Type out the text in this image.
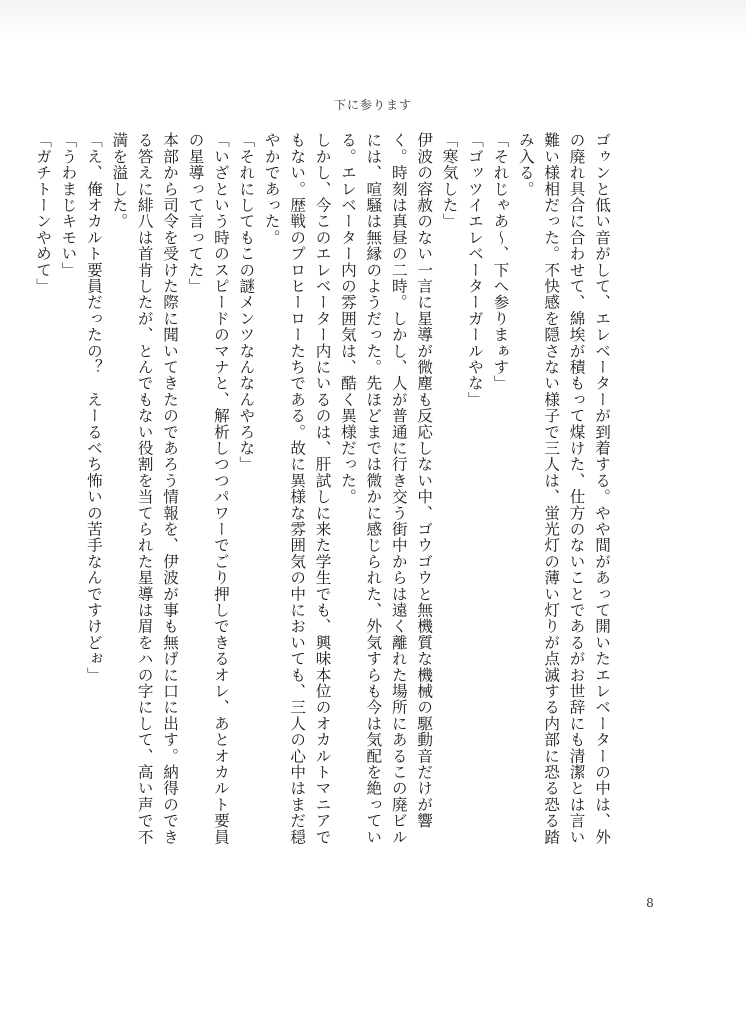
下に参ります

ゴゥンと低い音がして、エレベーターが到着する。やや間があって開いたエレベーターの中は、外の廃れ具合に合わせて、綿埃が積もって煤けた、仕方のないことであるがお世辞にも清潔とは言い難い様相だった。不快感を隠さない様子で三人は、蛍光灯の薄い灯りが点滅する内部に恐る恐る踏み入る。

「それじゃあ〜、下へ参りまぁす」

「ゴッツイエレベーターガールやな」

「寒気した」

伊波の容赦のない一言に星導が微塵も反応しない中、ゴウゴウと無機質な機械の駆動音だけが響く。時刻は真昼の二時。しかし、人が普通に行き交う街中からは遠く離れた場所にあるこの廃ビルには、喧騒は無縁のようだった。先ほどまでは微かに感じられた、外気すらも今は気配を絶っている。エレベーター内の雰囲気は、酷く異様だった。

しかし、今このエレベーター内にいるのは、肝試しに来た学生でも、興味本位のオカルトマニアでもない。歴戦のプロヒーローたちである。故に異様な雰囲気の中においても、三人の心中はまだ穏やかであった。

「それにしてもこの謎メンツなんなんやろな」

「いざという時のスピードのマナと、解析しつつパワーでごり押しできるオレ、あとオカルト要員の星導って言ってた」

本部から司令を受けた際に聞いてきたのであろう情報を、伊波が事も無げに口に出す。納得のできる答えに緋八は首肯したが、とんでもない役割を当てられた星導は眉をハの字にして、高い声で不満を溢した。

「え、俺オカルト要員だったの？　えーるべち怖いの苦手なんですけどぉ」

「うわまじキモい」

「ガチトーンやめて」

8
